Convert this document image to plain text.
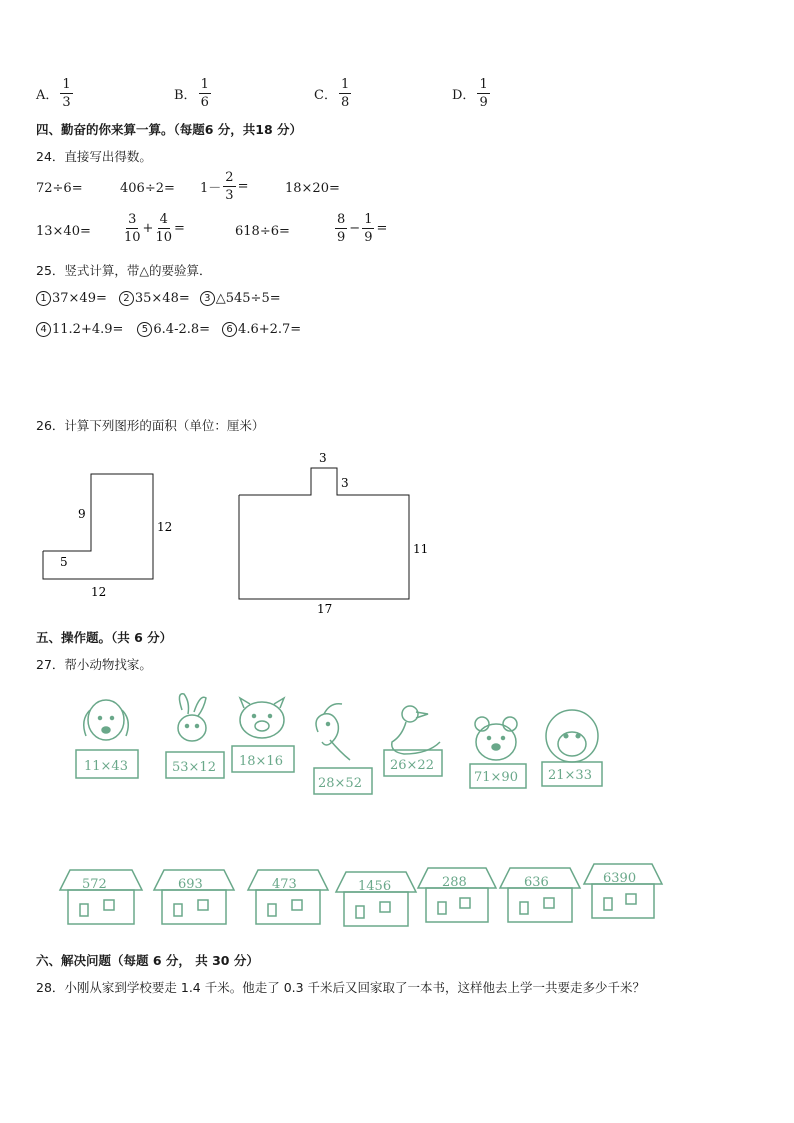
A． $\frac{1}{3}$	B． $\frac{1}{6}$	C． $\frac{1}{8}$	D． $\frac{1}{9}$
四、勤奋的你来算一算。（每题6 分，共18 分）
24．直接写出得数。
72÷6=	$406\div 2= 1- \frac{2}{3}$ =	18×20=
13×40=	$\frac{3}{10} + \frac{4}{10}$ =	618÷6=	$\frac{8}{9} - \frac{1}{9}$ =
25．竖式计算，带△的要验算．
1 37×49=	2 35×48=	3 △545÷5=
4 11.2+4.9=	5 6.4-2.8=	6 4.6+2.7=
26．计算下列图形的面积（单位：厘米）
9
12
5
12
3
3
11
17
五、操作题。（共 6 分）
27．帮小动物找家。
11×43	53×12 18×16
28×52
26×22
71×90 21×33
572	693	473	1456	288	636	6390
六、解决问题（每题 6 分， 共 30 分）
28．小刚从家到学校要走 1.4 千米。他走了 0.3 千米后又回家取了一本书，这样他去上学一共要走多少千米？
